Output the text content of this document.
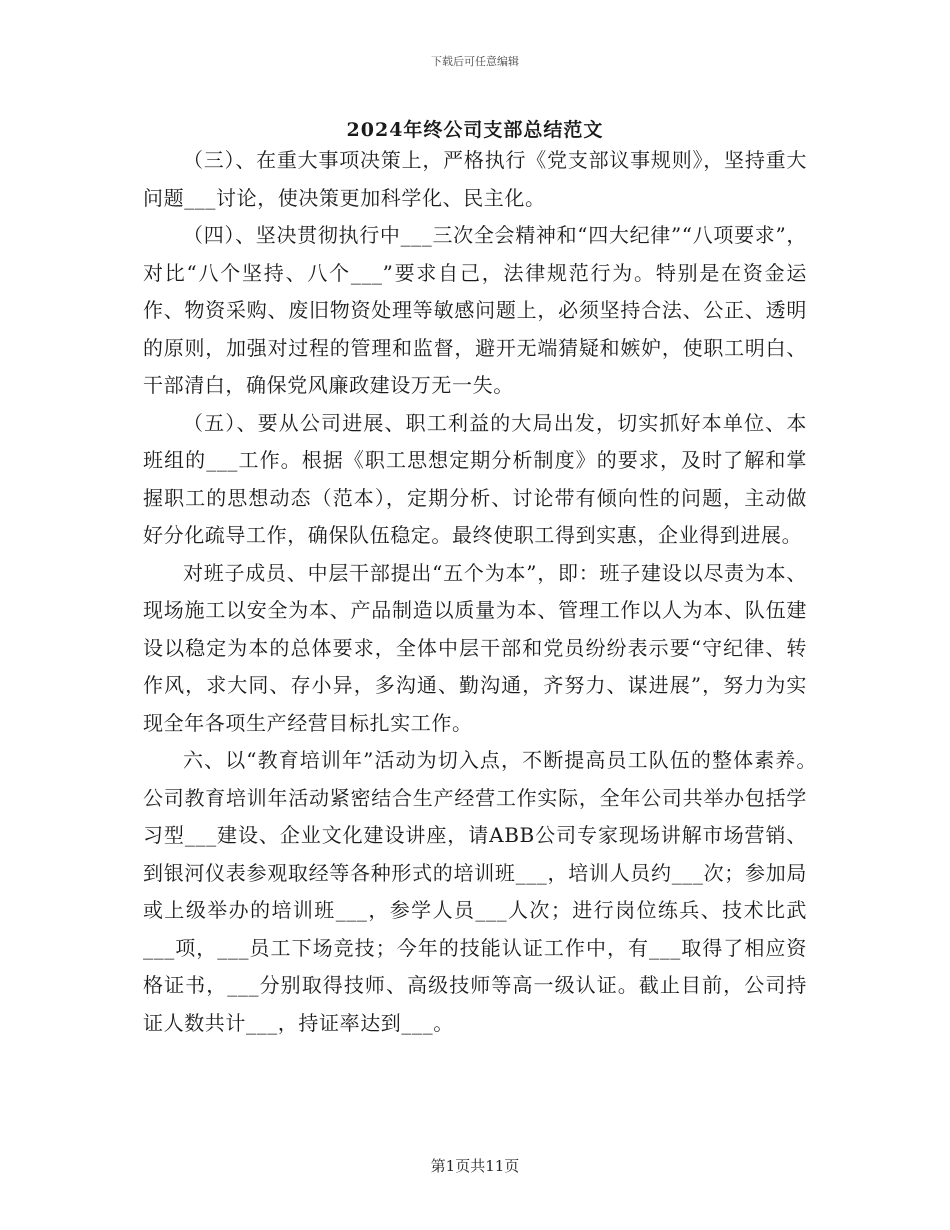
下载后可任意编辑
2024年终公司支部总结范文

（三）、在重大事项决策上，严格执行《党支部议事规则》，坚持重大问题___讨论，使决策更加科学化、民主化。

（四）、坚决贯彻执行中___三次全会精神和“四大纪律”“八项要求”，对比“八个坚持、八个___”要求自己，法律规范行为。特别是在资金运作、物资采购、废旧物资处理等敏感问题上，必须坚持合法、公正、透明的原则，加强对过程的管理和监督，避开无端猜疑和嫉妒，使职工明白、干部清白，确保党风廉政建设万无一失。

（五）、要从公司进展、职工利益的大局出发，切实抓好本单位、本班组的___工作。根据《职工思想定期分析制度》的要求，及时了解和掌握职工的思想动态（范本），定期分析、讨论带有倾向性的问题，主动做好分化疏导工作，确保队伍稳定。最终使职工得到实惠，企业得到进展。

对班子成员、中层干部提出“五个为本”，即：班子建设以尽责为本、现场施工以安全为本、产品制造以质量为本、管理工作以人为本、队伍建设以稳定为本的总体要求，全体中层干部和党员纷纷表示要“守纪律、转作风，求大同、存小异，多沟通、勤沟通，齐努力、谋进展”，努力为实现全年各项生产经营目标扎实工作。

六、以“教育培训年”活动为切入点，不断提高员工队伍的整体素养。　公司教育培训年活动紧密结合生产经营工作实际，全年公司共举办包括学习型___建设、企业文化建设讲座，请ABB公司专家现场讲解市场营销、到银河仪表参观取经等各种形式的培训班___，培训人员约___次；参加局或上级举办的培训班___，参学人员___人次；进行岗位练兵、技术比武___项，___员工下场竞技；今年的技能认证工作中，有___取得了相应资格证书，___分别取得技师、高级技师等高一级认证。截止目前，公司持证人数共计___，持证率达到___。

第1页共11页
